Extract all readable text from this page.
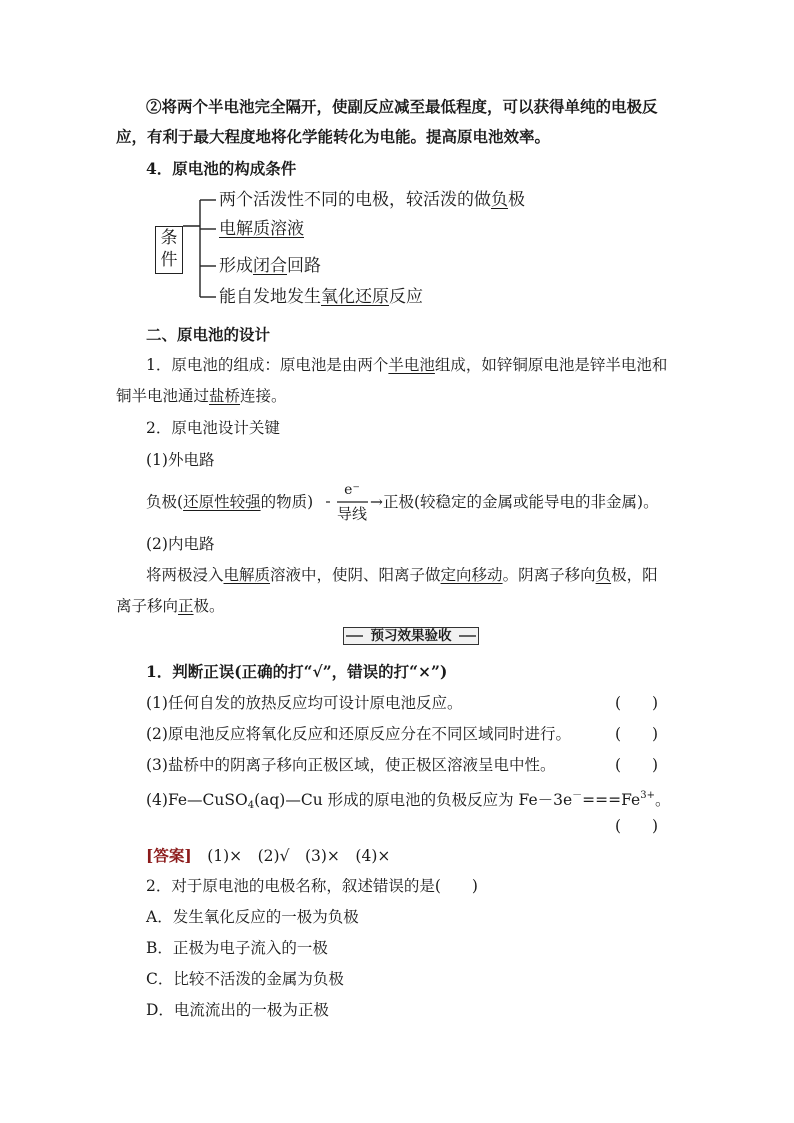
②将两个半电池完全隔开，使副反应减至最低程度，可以获得单纯的电极反
应，有利于最大程度地将化学能转化为电能。提高原电池效率。
4．原电池的构成条件
条
件
两个活泼性不同的电极，较活泼的做负极
电解质溶液
形成闭合回路
能自发地发生氧化还原反应
二、原电池的设计
1．原电池的组成：原电池是由两个半电池组成，如锌铜原电池是锌半电池和
铜半电池通过盐桥连接。
2．原电池设计关键
(1)外电路
负极(还原性较强的物质)
e⁻
导线
→正极(较稳定的金属或能导电的非金属)。
(2)内电路
将两极浸入电解质溶液中，使阴、阳离子做定向移动。阴离子移向负极，阳
离子移向正极。
预习效果验收
1．判断正误(正确的打“√”，错误的打“×”)
(1)任何自发的放热反应均可设计原电池反应。	(　　)
(2)原电池反应将氧化反应和还原反应分在不同区域同时进行。	(　　)
(3)盐桥中的阴离子移向正极区域，使正极区溶液呈电中性。	(　　)
(4)Fe—CuSO$_4$(aq)—Cu 形成的原电池的负极反应为 $Fe-3e^-===Fe^{3+}$。
(　　)
[答案]　 (1)×　(2)√　(3)×　(4)×
2．对于原电池的电极名称，叙述错误的是(　　)
A．发生氧化反应的一极为负极
B．正极为电子流入的一极
C．比较不活泼的金属为负极
D．电流流出的一极为正极
